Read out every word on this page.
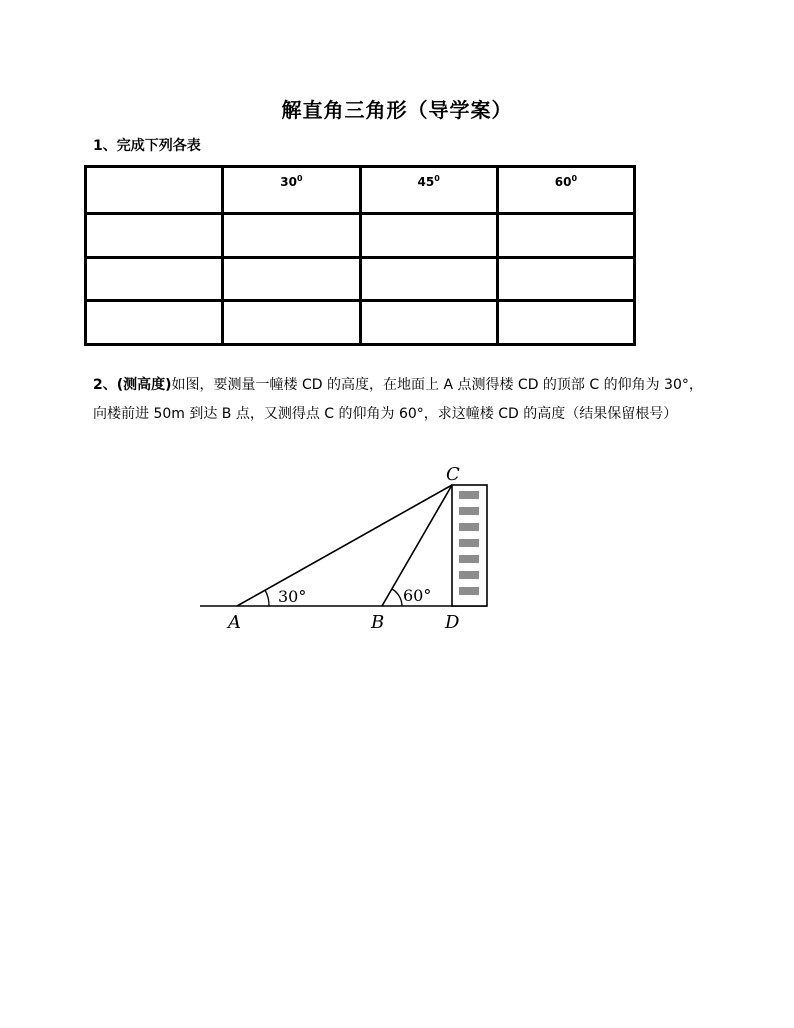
解直角三角形（导学案）
1、完成下列各表
	$30^0$	$45^0$	$60^0$

2、(测高度)如图，要测量一幢楼 CD 的高度，在地面上 A 点测得楼 CD 的顶部 C 的仰角为 30°，向楼前进 50m 到达 B 点，又测得点 C 的仰角为 60°，求这幢楼 CD 的高度（结果保留根号）
30°	60°
A	B
C
D
